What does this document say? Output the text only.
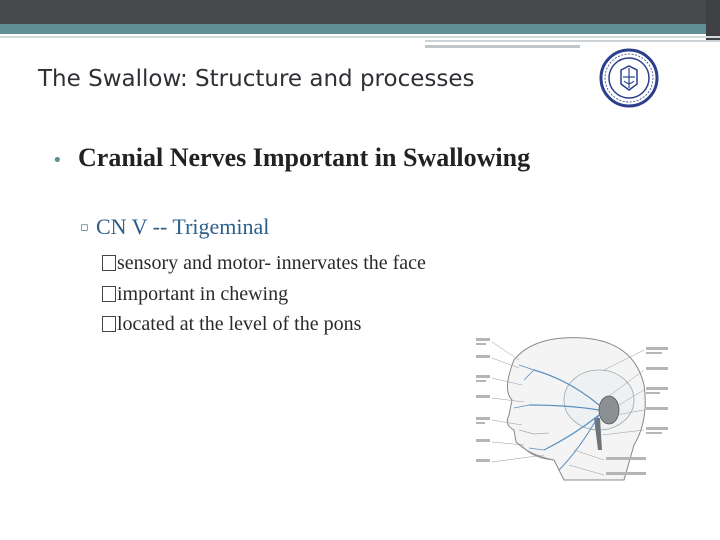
The Swallow: Structure and processes
• Cranial Nerves Important in Swallowing
▫ CN V -- Trigeminal
sensory and motor- innervates the face
important in chewing
located at the level of the pons
